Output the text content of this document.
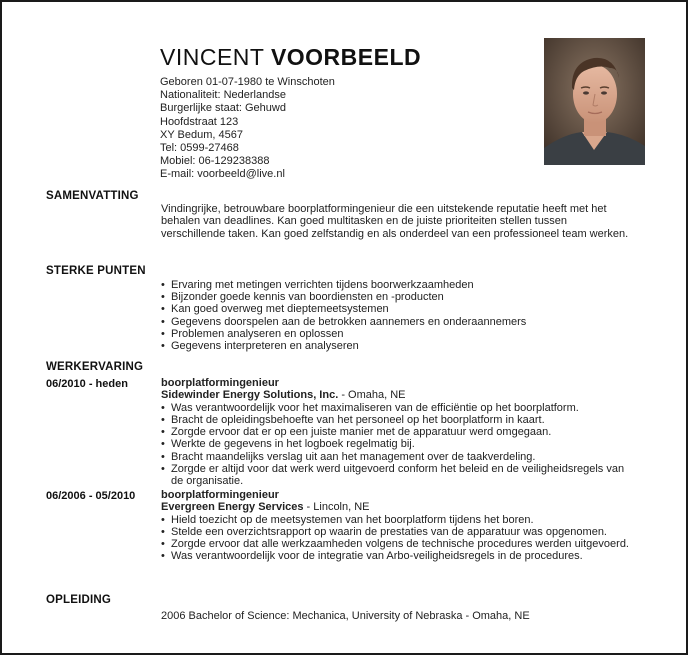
VINCENT VOORBEELD
Geboren 01-07-1980 te Winschoten
Nationaliteit: Nederlandse
Burgerlijke staat: Gehuwd
Hoofdstraat 123
XY Bedum, 4567
Tel: 0599-27468
Mobiel: 06-129238388
E-mail: voorbeeld@live.nl
SAMENVATTING

Vindingrijke, betrouwbare boorplatformingenieur die een uitstekende reputatie heeft met het behalen van deadlines. Kan goed multitasken en de juiste prioriteiten stellen tussen verschillende taken. Kan goed zelfstandig en als onderdeel van een professioneel team werken.

STERKE PUNTEN
• Ervaring met metingen verrichten tijdens boorwerkzaamheden
• Bijzonder goede kennis van boordiensten en -producten
• Kan goed overweg met dieptemeetsystemen
• Gegevens doorspelen aan de betrokken aannemers en onderaannemers
• Problemen analyseren en oplossen
• Gegevens interpreteren en analyseren
WERKERVARING
06/2010 - heden	boorplatformingenieur
Sidewinder Energy Solutions, Inc. - Omaha, NE
• Was verantwoordelijk voor het maximaliseren van de efficiëntie op het boorplatform.
• Bracht de opleidingsbehoefte van het personeel op het boorplatform in kaart.
• Zorgde ervoor dat er op een juiste manier met de apparatuur werd omgegaan.
• Werkte de gegevens in het logboek regelmatig bij.
• Bracht maandelijks verslag uit aan het management over de taakverdeling.
• Zorgde er altijd voor dat werk werd uitgevoerd conform het beleid en de veiligheidsregels van de organisatie.
06/2006 - 05/2010 boorplatformingenieur
Evergreen Energy Services - Lincoln, NE
• Hield toezicht op de meetsystemen van het boorplatform tijdens het boren.
• Stelde een overzichtsrapport op waarin de prestaties van de apparatuur was opgenomen.
• Zorgde ervoor dat alle werkzaamheden volgens de technische procedures werden uitgevoerd.
• Was verantwoordelijk voor de integratie van Arbo-veiligheidsregels in de procedures.
OPLEIDING

2006 Bachelor of Science: Mechanica, University of Nebraska - Omaha, NE
